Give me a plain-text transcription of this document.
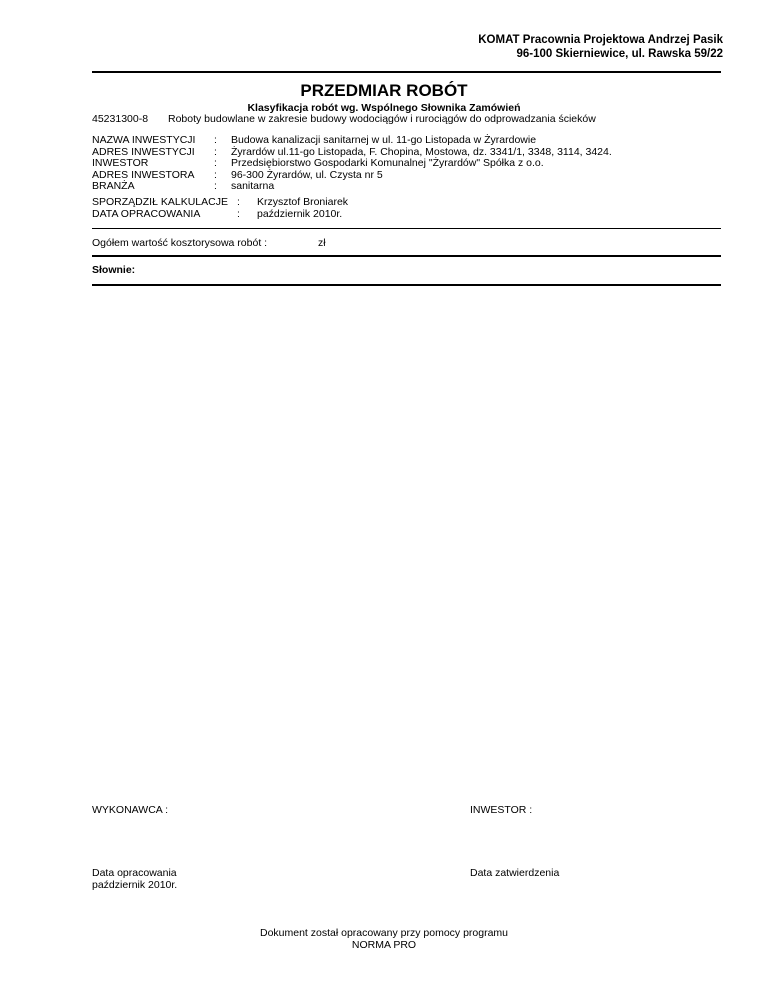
KOMAT Pracownia Projektowa Andrzej Pasik
96-100 Skierniewice, ul. Rawska 59/22
PRZEDMIAR ROBÓT
Klasyfikacja robót wg. Wspólnego Słownika Zamówień
45231300-8 Roboty budowlane w zakresie budowy wodociągów i rurociągów do odprowadzania ścieków
NAZWA INWESTYCJI	:	Budowa kanalizacji sanitarnej w ul. 11-go Listopada w Żyrardowie
ADRES INWESTYCJI	:	Żyrardów ul.11-go Listopada, F. Chopina, Mostowa, dz. 3341/1, 3348, 3114, 3424.
INWESTOR	:	Przedsiębiorstwo Gospodarki Komunalnej "Żyrardów" Spółka z o.o.
ADRES INWESTORA	:	96-300 Żyrardów, ul. Czysta nr 5
BRANŻA	:	sanitarna
SPORZĄDZIŁ KALKULACJE :	Krzysztof Broniarek
DATA OPRACOWANIA	:	październik 2010r.
Ogółem wartość kosztorysowa robót :	zł
Słownie:
WYKONAWCA :	INWESTOR :
Data opracowania
październik 2010r.
Data zatwierdzenia
Dokument został opracowany przy pomocy programu
NORMA PRO
